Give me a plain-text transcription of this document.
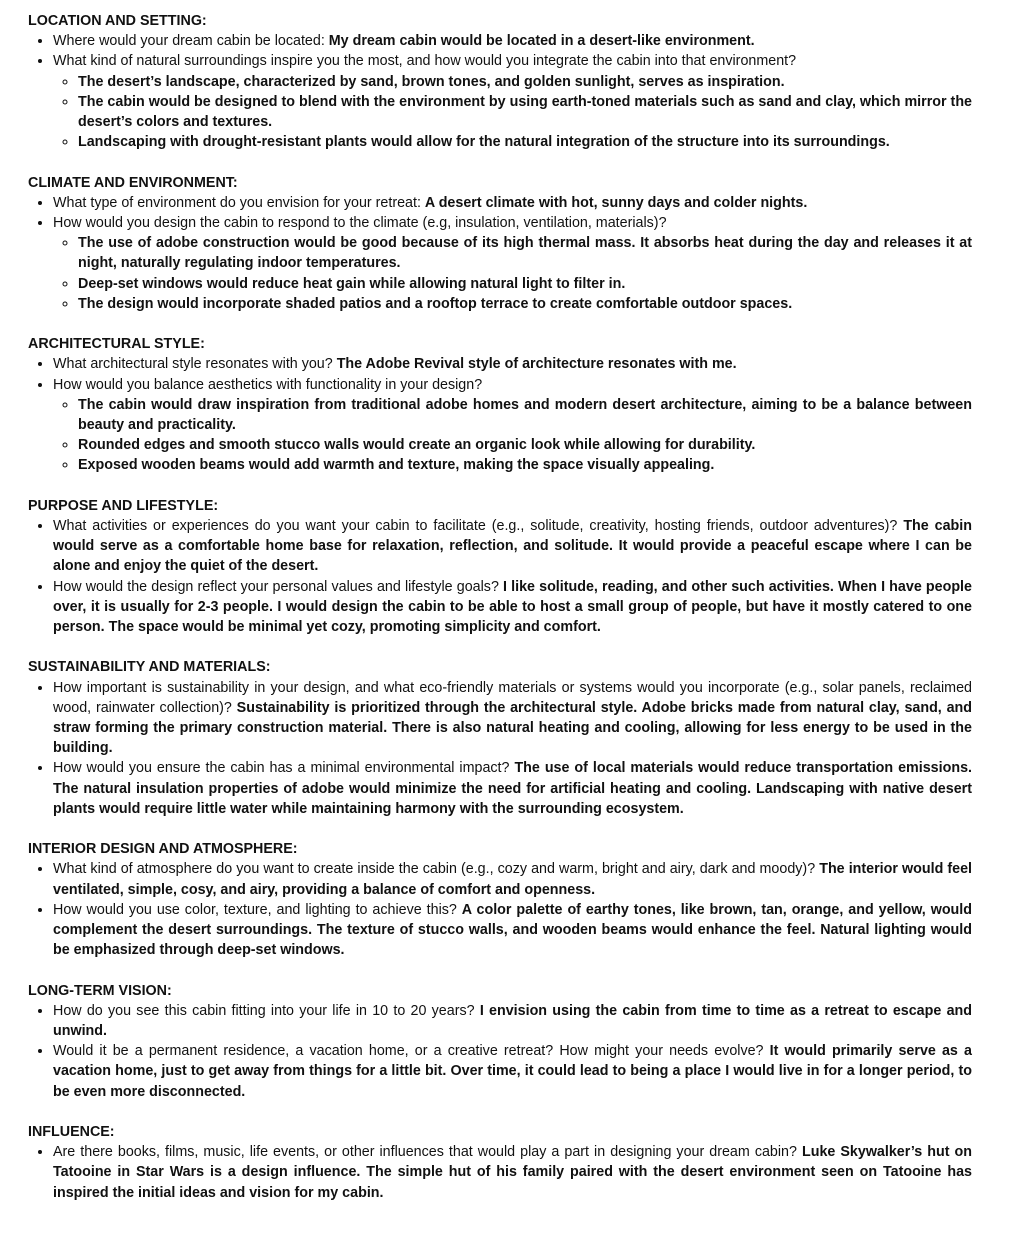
LOCATION AND SETTING:
• Where would your dream cabin be located: My dream cabin would be located in a desert-like environment.
• What kind of natural surroundings inspire you the most, and how would you integrate the cabin into that environment?
◦ The desert’s landscape, characterized by sand, brown tones, and golden sunlight, serves as inspiration.
◦ The cabin would be designed to blend with the environment by using earth-toned materials such as sand and clay, which mirror the desert’s colors and textures.
◦ Landscaping with drought-resistant plants would allow for the natural integration of the structure into its surroundings.
CLIMATE AND ENVIRONMENT:
• What type of environment do you envision for your retreat: A desert climate with hot, sunny days and colder nights.
• How would you design the cabin to respond to the climate (e.g, insulation, ventilation, materials)?
◦ The use of adobe construction would be good because of its high thermal mass. It absorbs heat during the day and releases it at night, naturally regulating indoor temperatures.
◦ Deep-set windows would reduce heat gain while allowing natural light to filter in.
◦ The design would incorporate shaded patios and a rooftop terrace to create comfortable outdoor spaces.
ARCHITECTURAL STYLE:
• What architectural style resonates with you? The Adobe Revival style of architecture resonates with me.
• How would you balance aesthetics with functionality in your design?
◦ The cabin would draw inspiration from traditional adobe homes and modern desert architecture, aiming to be a balance between beauty and practicality.
◦ Rounded edges and smooth stucco walls would create an organic look while allowing for durability.
◦ Exposed wooden beams would add warmth and texture, making the space visually appealing.
PURPOSE AND LIFESTYLE:
• What activities or experiences do you want your cabin to facilitate (e.g., solitude, creativity, hosting friends, outdoor adventures)? The cabin would serve as a comfortable home base for relaxation, reflection, and solitude. It would provide a peaceful escape where I can be alone and enjoy the quiet of the desert.
• How would the design reflect your personal values and lifestyle goals? I like solitude, reading, and other such activities. When I have people over, it is usually for 2-3 people. I would design the cabin to be able to host a small group of people, but have it mostly catered to one person. The space would be minimal yet cozy, promoting simplicity and comfort.
SUSTAINABILITY AND MATERIALS:
• How important is sustainability in your design, and what eco-friendly materials or systems would you incorporate (e.g., solar panels, reclaimed wood, rainwater collection)? Sustainability is prioritized through the architectural style. Adobe bricks made from natural clay, sand, and straw forming the primary construction material. There is also natural heating and cooling, allowing for less energy to be used in the building.
• How would you ensure the cabin has a minimal environmental impact? The use of local materials would reduce transportation emissions. The natural insulation properties of adobe would minimize the need for artificial heating and cooling. Landscaping with native desert plants would require little water while maintaining harmony with the surrounding ecosystem.
INTERIOR DESIGN AND ATMOSPHERE:
• What kind of atmosphere do you want to create inside the cabin (e.g., cozy and warm, bright and airy, dark and moody)? The interior would feel ventilated, simple, cosy, and airy, providing a balance of comfort and openness.
• How would you use color, texture, and lighting to achieve this? A color palette of earthy tones, like brown, tan, orange, and yellow, would complement the desert surroundings. The texture of stucco walls, and wooden beams would enhance the feel. Natural lighting would be emphasized through deep-set windows.
LONG-TERM VISION:
• How do you see this cabin fitting into your life in 10 to 20 years? I envision using the cabin from time to time as a retreat to escape and unwind.
• Would it be a permanent residence, a vacation home, or a creative retreat? How might your needs evolve? It would primarily serve as a vacation home, just to get away from things for a little bit. Over time, it could lead to being a place I would live in for a longer period, to be even more disconnected.
INFLUENCE:
• Are there books, films, music, life events, or other influences that would play a part in designing your dream cabin? Luke Skywalker’s hut on Tatooine in Star Wars is a design influence. The simple hut of his family paired with the desert environment seen on Tatooine has inspired the initial ideas and vision for my cabin.
